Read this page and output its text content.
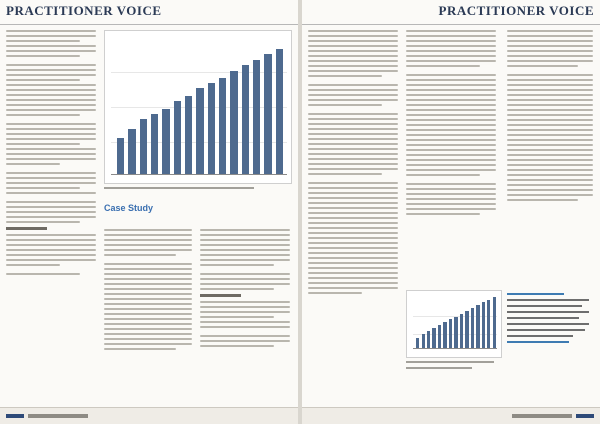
PRACTITIONER VOICE
Case Study
PRACTITIONER VOICE
